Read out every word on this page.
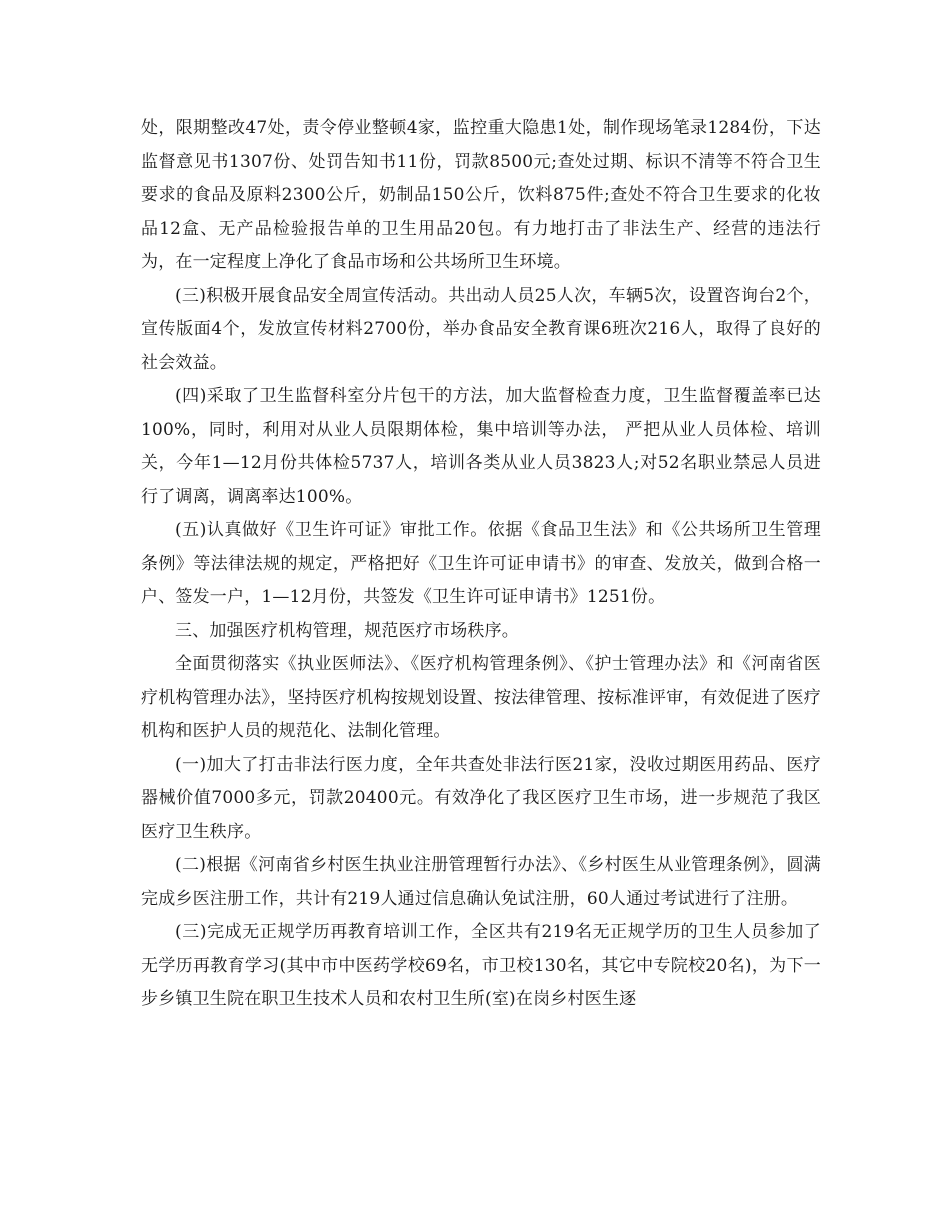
处，限期整改47处，责令停业整顿4家，监控重大隐患1处，制作现场笔录1284份，下达监督意见书1307份、处罚告知书11份，罚款8500元;查处过期、标识不清等不符合卫生要求的食品及原料2300公斤，奶制品150公斤，饮料875件;查处不符合卫生要求的化妆品12盒、无产品检验报告单的卫生用品20包。有力地打击了非法生产、经营的违法行为，在一定程度上净化了食品市场和公共场所卫生环境。

(三)积极开展食品安全周宣传活动。共出动人员25人次，车辆5次，设置咨询台2个，宣传版面4个，发放宣传材料2700份，举办食品安全教育课6班次216人，取得了良好的社会效益。

(四)采取了卫生监督科室分片包干的方法，加大监督检查力度，卫生监督覆盖率已达100%，同时，利用对从业人员限期体检，集中培训等办法， 严把从业人员体检、培训关，今年1—12月份共体检5737人，培训各类从业人员3823人;对52名职业禁忌人员进行了调离，调离率达100%。

(五)认真做好《卫生许可证》审批工作。依据《食品卫生法》和《公共场所卫生管理条例》等法律法规的规定，严格把好《卫生许可证申请书》的审查、发放关，做到合格一户、签发一户，1—12月份，共签发《卫生许可证申请书》1251份。

三、加强医疗机构管理，规范医疗市场秩序。

全面贯彻落实《执业医师法》、《医疗机构管理条例》、《护士管理办法》和《河南省医疗机构管理办法》，坚持医疗机构按规划设置、按法律管理、按标准评审，有效促进了医疗机构和医护人员的规范化、法制化管理。

(一)加大了打击非法行医力度，全年共查处非法行医21家，没收过期医用药品、医疗器械价值7000多元，罚款20400元。有效净化了我区医疗卫生市场，进一步规范了我区医疗卫生秩序。

(二)根据《河南省乡村医生执业注册管理暂行办法》、《乡村医生从业管理条例》，圆满完成乡医注册工作，共计有219人通过信息确认免试注册，60人通过考试进行了注册。

(三)完成无正规学历再教育培训工作，全区共有219名无正规学历的卫生人员参加了无学历再教育学习(其中市中医药学校69名，市卫校130名，其它中专院校20名)，为下一步乡镇卫生院在职卫生技术人员和农村卫生所(室)在岗乡村医生逐
